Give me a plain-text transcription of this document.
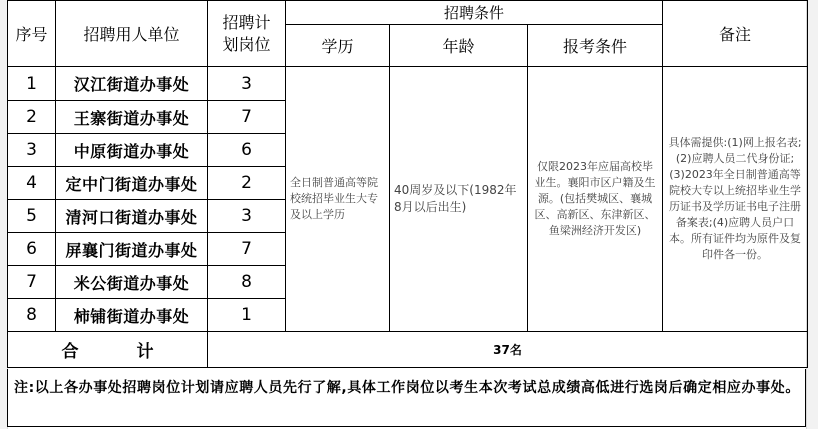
序号	招聘用人单位	招聘计划岗位	招聘条件			备注
			学历	年龄	报考条件	
1	汉江街道办事处	3	全日制普通高等院校统招毕业生大专及以上学历	40周岁及以下(1982年8月以后出生)	仅限2023年应届高校毕业生。襄阳市区户籍及生源。(包括樊城区、襄城区、高新区、东津新区、鱼梁洲经济开发区)	具体需提供:(1)网上报名表;(2)应聘人员二代身份证;(3)2023年全日制普通高等院校大专以上统招毕业生学历证书及学历证书电子注册备案表;(4)应聘人员户口本。所有证件均为原件及复印件各一份。

2	王寨街道办事处	7				
3	中原街道办事处	6				
4	定中门街道办事处	2				
5	清河口街道办事处	3				
6	屏襄门街道办事处	7				
7	米公街道办事处	8				
8	柿铺街道办事处	1				
合 计		37名				
注:以上各办事处招聘岗位计划请应聘人员先行了解,具体工作岗位以考生本次考试总成绩高低进行选岗后确定相应办事处。
